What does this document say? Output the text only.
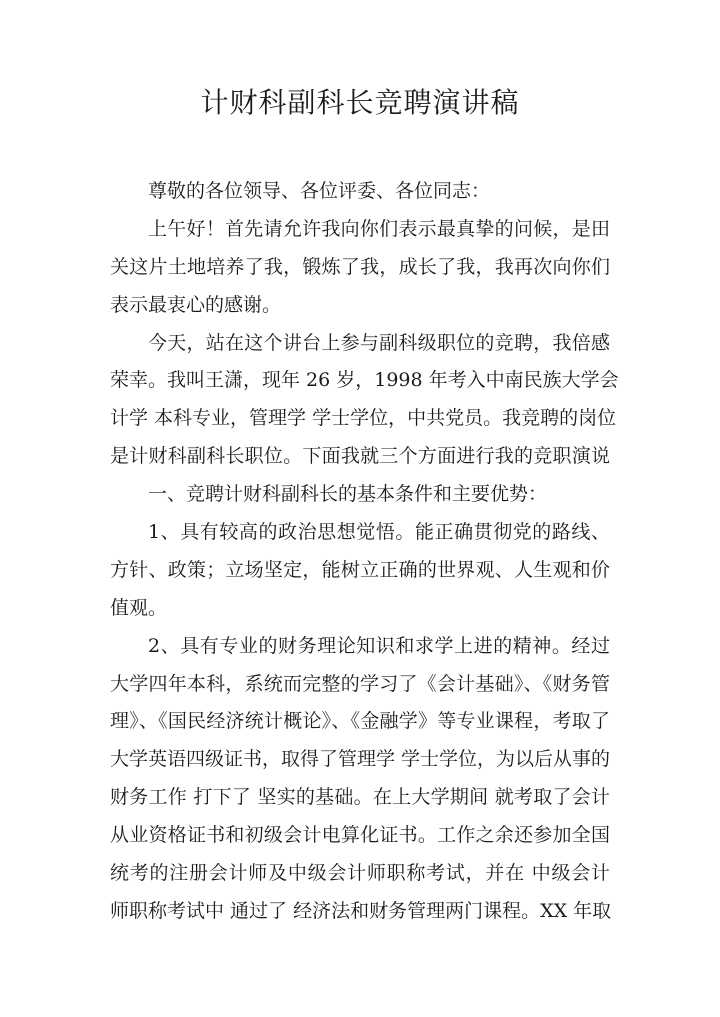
计财科副科长竞聘演讲稿
尊敬的各位领导、各位评委、各位同志：
上午好！首先请允许我向你们表示最真挚的问候，是田
关这片土地培养了我，锻炼了我，成长了我，我再次向你们
表示最衷心的感谢。
今天，站在这个讲台上参与副科级职位的竞聘，我倍感
荣幸。我叫王潇，现年 26 岁，1998 年考入中南民族大学会
计学 本科专业，管理学 学士学位，中共党员。我竞聘的岗位
是计财科副科长职位。下面我就三个方面进行我的竞职演说
一、竞聘计财科副科长的基本条件和主要优势：
1、具有较高的政治思想觉悟。能正确贯彻党的路线、
方针、政策；立场坚定，能树立正确的世界观、人生观和价
值观。
2、具有专业的财务理论知识和求学上进的精神。经过
大学四年本科，系统而完整的学习了《会计基础》、《财务管
理》、《国民经济统计概论》、《金融学》等专业课程，考取了
大学英语四级证书，取得了管理学 学士学位，为以后从事的
财务工作 打下了 坚实的基础。在上大学期间 就考取了会计
从业资格证书和初级会计电算化证书。工作之余还参加全国
统考的注册会计师及中级会计师职称考试，并在 中级会计
师职称考试中 通过了 经济法和财务管理两门课程。XX 年取
